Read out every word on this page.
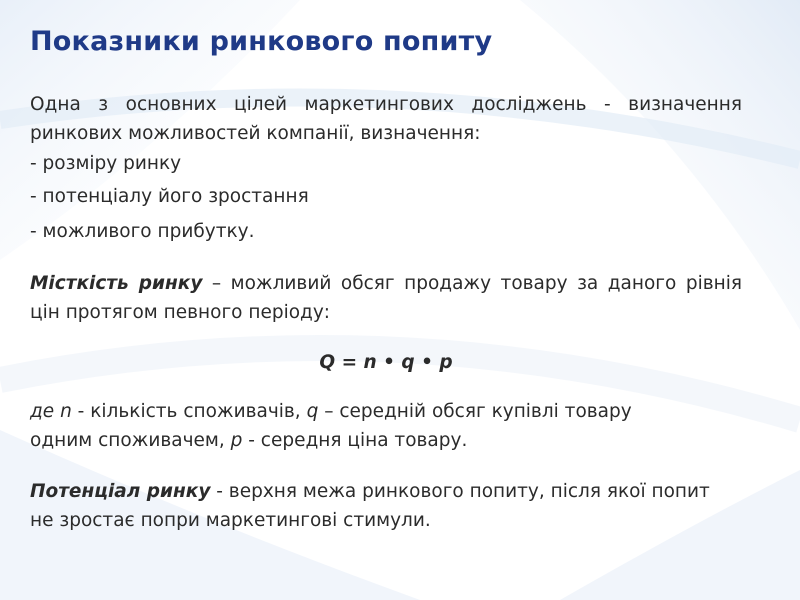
Показники ринкового попиту

Одна з основних цілей маркетингових досліджень - визначення ринкових можливостей компанії, визначення:

- розміру ринку

- потенціалу його зростання

- можливого прибутку.

Місткість ринку – можливий обсяг продажу товару за даного рівнія цін протягом певного періоду:

Q = n • q • p

де n - кількість споживачів, q – середній обсяг купівлі товару одним споживачем, p - середня ціна товару.

Потенціал ринку - верхня межа ринкового попиту, після якої попит не зростає попри маркетингові стимули.
